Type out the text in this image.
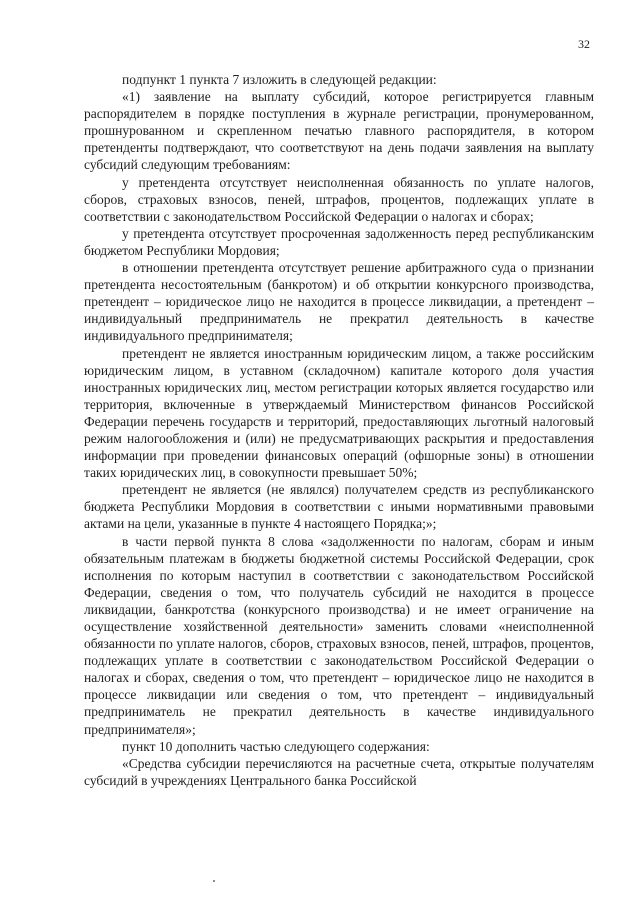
32

подпункт 1 пункта 7 изложить в следующей редакции:

«1) заявление на выплату субсидий, которое регистрируется главным распорядителем в порядке поступления в журнале регистрации, пронумерованном, прошнурованном и скрепленном печатью главного распорядителя, в котором претенденты подтверждают, что соответствуют на день подачи заявления на выплату субсидий следующим требованиям:

у претендента отсутствует неисполненная обязанность по уплате налогов, сборов, страховых взносов, пеней, штрафов, процентов, подлежащих уплате в соответствии с законодательством Российской Федерации о налогах и сборах;

у претендента отсутствует просроченная задолженность перед республиканским бюджетом Республики Мордовия;

в отношении претендента отсутствует решение арбитражного суда о признании претендента несостоятельным (банкротом) и об открытии конкурсного производства, претендент – юридическое лицо не находится в процессе ликвидации, а претендент – индивидуальный предприниматель не прекратил деятельность в качестве индивидуального предпринимателя;

претендент не является иностранным юридическим лицом, а также российским юридическим лицом, в уставном (складочном) капитале которого доля участия иностранных юридических лиц, местом регистрации которых является государство или территория, включенные в утверждаемый Министерством финансов Российской Федерации перечень государств и территорий, предоставляющих льготный налоговый режим налогообложения и (или) не предусматривающих раскрытия и предоставления информации при проведении финансовых операций (офшорные зоны) в отношении таких юридических лиц, в совокупности превышает 50%;

претендент не является (не являлся) получателем средств из республиканского бюджета Республики Мордовия в соответствии с иными нормативными правовыми актами на цели, указанные в пункте 4 настоящего Порядка;»;

в части первой пункта 8 слова «задолженности по налогам, сборам и иным обязательным платежам в бюджеты бюджетной системы Российской Федерации, срок исполнения по которым наступил в соответствии с законодательством Российской Федерации, сведения о том, что получатель субсидий не находится в процессе ликвидации, банкротства (конкурсного производства) и не имеет ограничение на осуществление хозяйственной деятельности» заменить словами «неисполненной обязанности по уплате налогов, сборов, страховых взносов, пеней, штрафов, процентов, подлежащих уплате в соответствии с законодательством Российской Федерации о налогах и сборах, сведения о том, что претендент – юридическое лицо не находится в процессе ликвидации или сведения о том, что претендент – индивидуальный предприниматель не прекратил деятельность в качестве индивидуального предпринимателя»;

пункт 10 дополнить частью следующего содержания:

«Средства субсидии перечисляются на расчетные счета, открытые получателям субсидий в учреждениях Центрального банка Российской
